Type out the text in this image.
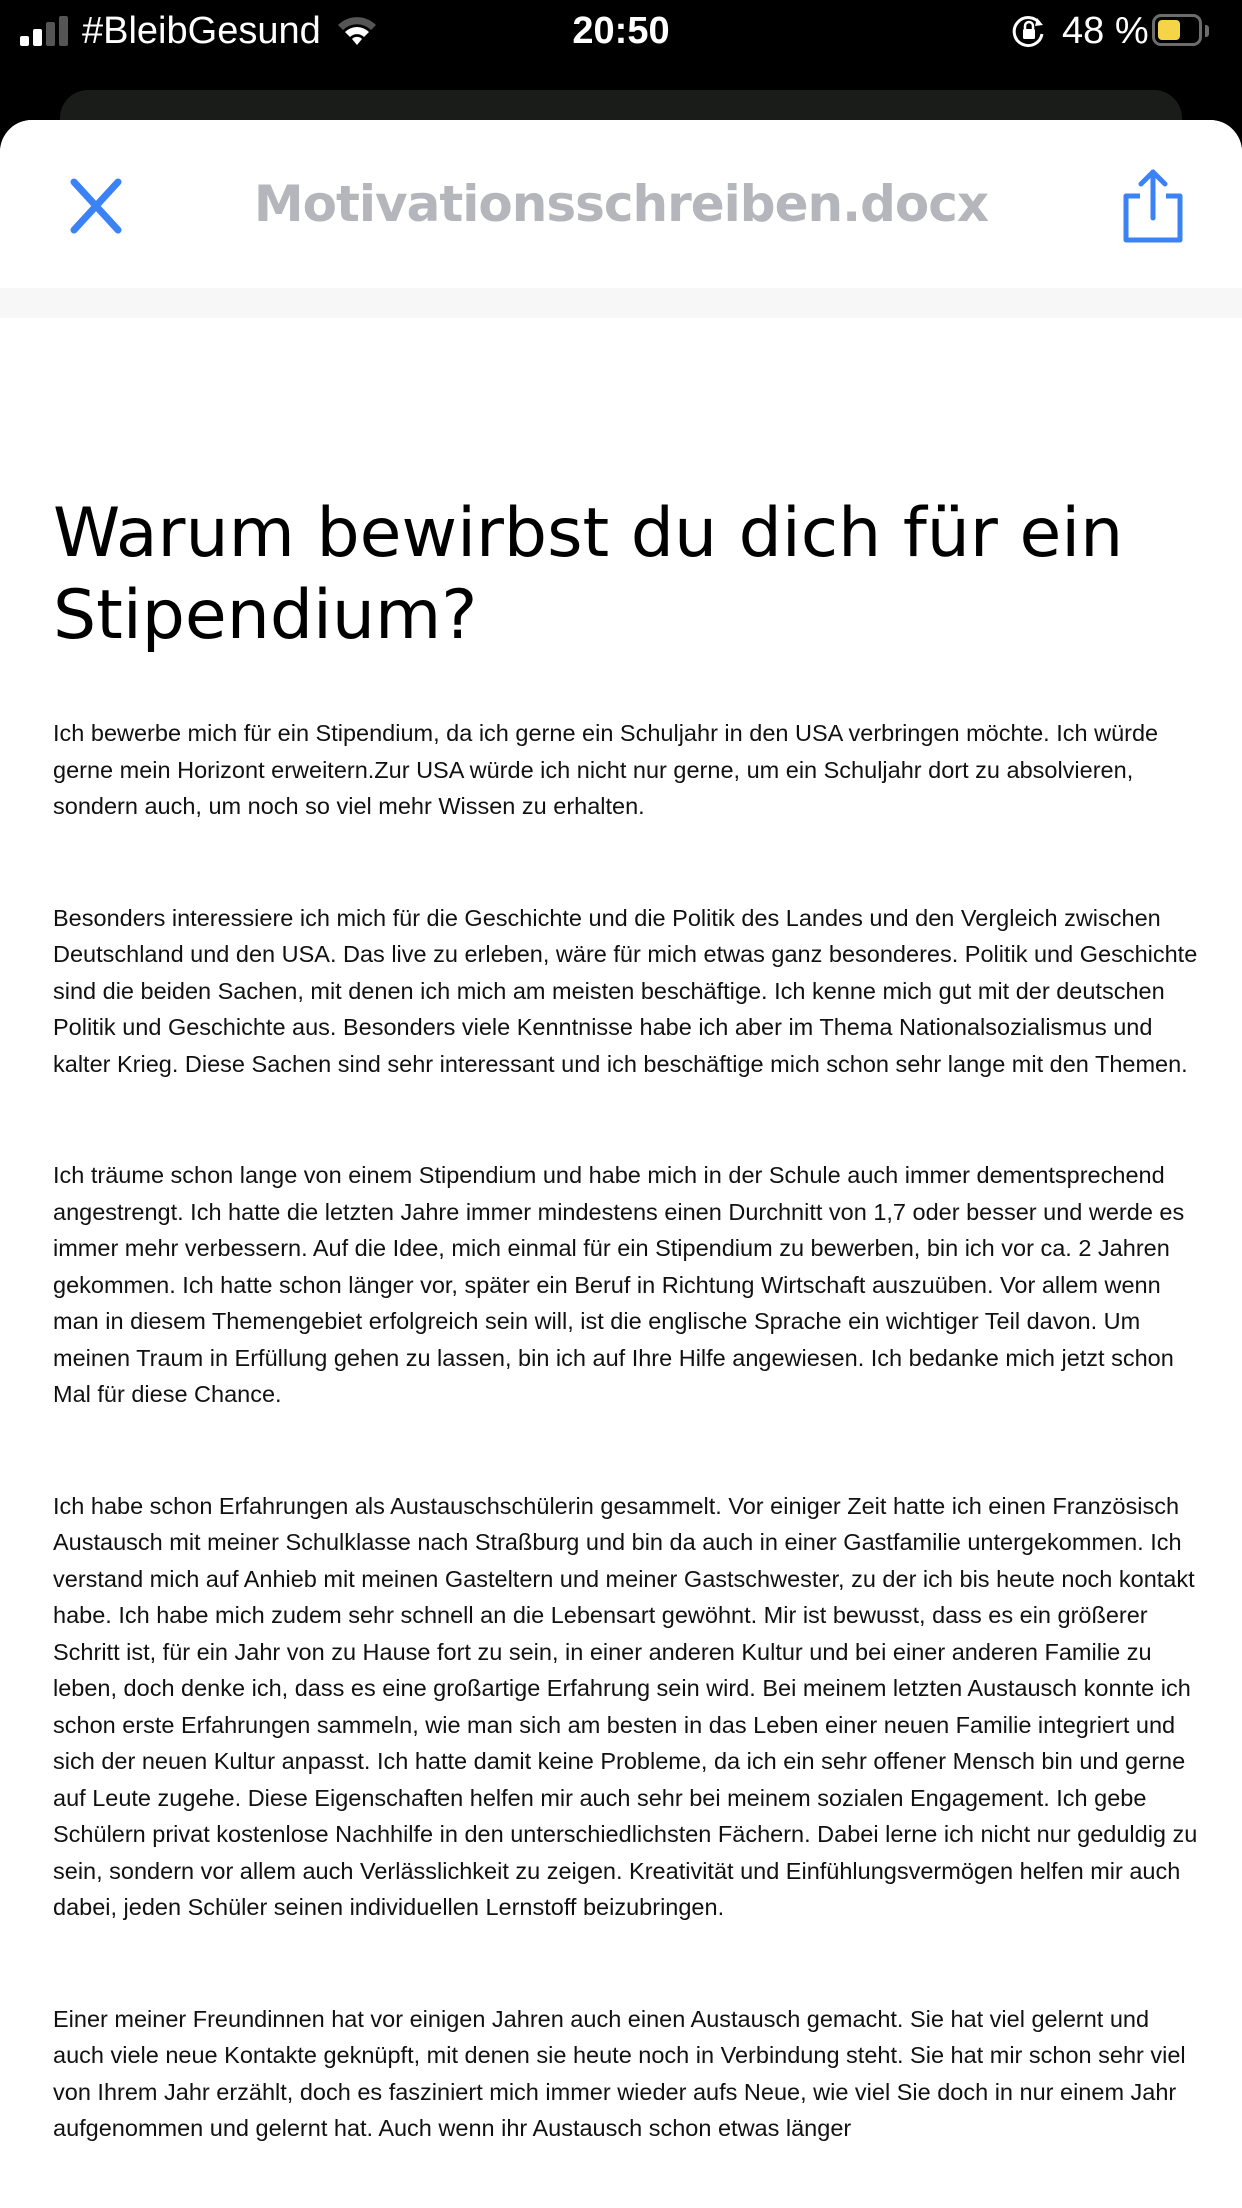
#BleibGesund	20:50	48 %
Motivationsschreiben.docx
Warum bewirbst du dich für ein Stipendium?

Ich bewerbe mich für ein Stipendium, da ich gerne ein Schuljahr in den USA verbringen möchte. Ich würde gerne mein Horizont erweitern.Zur USA würde ich nicht nur gerne, um ein Schuljahr dort zu absolvieren, sondern auch, um noch so viel mehr Wissen zu erhalten.

Besonders interessiere ich mich für die Geschichte und die Politik des Landes und den Vergleich zwischen Deutschland und den USA. Das live zu erleben, wäre für mich etwas ganz besonderes. Politik und Geschichte sind die beiden Sachen, mit denen ich mich am meisten beschäftige. Ich kenne mich gut mit der deutschen Politik und Geschichte aus. Besonders viele Kenntnisse habe ich aber im Thema Nationalsozialismus und kalter Krieg. Diese Sachen sind sehr interessant und ich beschäftige mich schon sehr lange mit den Themen.

Ich träume schon lange von einem Stipendium und habe mich in der Schule auch immer dementsprechend angestrengt. Ich hatte die letzten Jahre immer mindestens einen Durchnitt von 1,7 oder besser und werde es immer mehr verbessern. Auf die Idee, mich einmal für ein Stipendium zu bewerben, bin ich vor ca. 2 Jahren gekommen. Ich hatte schon länger vor, später ein Beruf in Richtung Wirtschaft auszuüben. Vor allem wenn man in diesem Themengebiet erfolgreich sein will, ist die englische Sprache ein wichtiger Teil davon. Um meinen Traum in Erfüllung gehen zu lassen, bin ich auf Ihre Hilfe angewiesen. Ich bedanke mich jetzt schon Mal für diese Chance.

Ich habe schon Erfahrungen als Austauschschülerin gesammelt. Vor einiger Zeit hatte ich einen Französisch Austausch mit meiner Schulklasse nach Straßburg und bin da auch in einer Gastfamilie untergekommen. Ich verstand mich auf Anhieb mit meinen Gasteltern und meiner Gastschwester, zu der ich bis heute noch kontakt habe. Ich habe mich zudem sehr schnell an die Lebensart gewöhnt. Mir ist bewusst, dass es ein größerer Schritt ist, für ein Jahr von zu Hause fort zu sein, in einer anderen Kultur und bei einer anderen Familie zu leben, doch denke ich, dass es eine großartige Erfahrung sein wird. Bei meinem letzten Austausch konnte ich schon erste Erfahrungen sammeln, wie man sich am besten in das Leben einer neuen Familie integriert und sich der neuen Kultur anpasst. Ich hatte damit keine Probleme, da ich ein sehr offener Mensch bin und gerne auf Leute zugehe. Diese Eigenschaften helfen mir auch sehr bei meinem sozialen Engagement. Ich gebe Schülern privat kostenlose Nachhilfe in den unterschiedlichsten Fächern. Dabei lerne ich nicht nur geduldig zu sein, sondern vor allem auch Verlässlichkeit zu zeigen. Kreativität und Einfühlungsvermögen helfen mir auch dabei, jeden Schüler seinen individuellen Lernstoff beizubringen.

Einer meiner Freundinnen hat vor einigen Jahren auch einen Austausch gemacht. Sie hat viel gelernt und auch viele neue Kontakte geknüpft, mit denen sie heute noch in Verbindung steht. Sie hat mir schon sehr viel von Ihrem Jahr erzählt, doch es fasziniert mich immer wieder aufs Neue, wie viel Sie doch in nur einem Jahr aufgenommen und gelernt hat. Auch wenn ihr Austausch schon etwas länger
